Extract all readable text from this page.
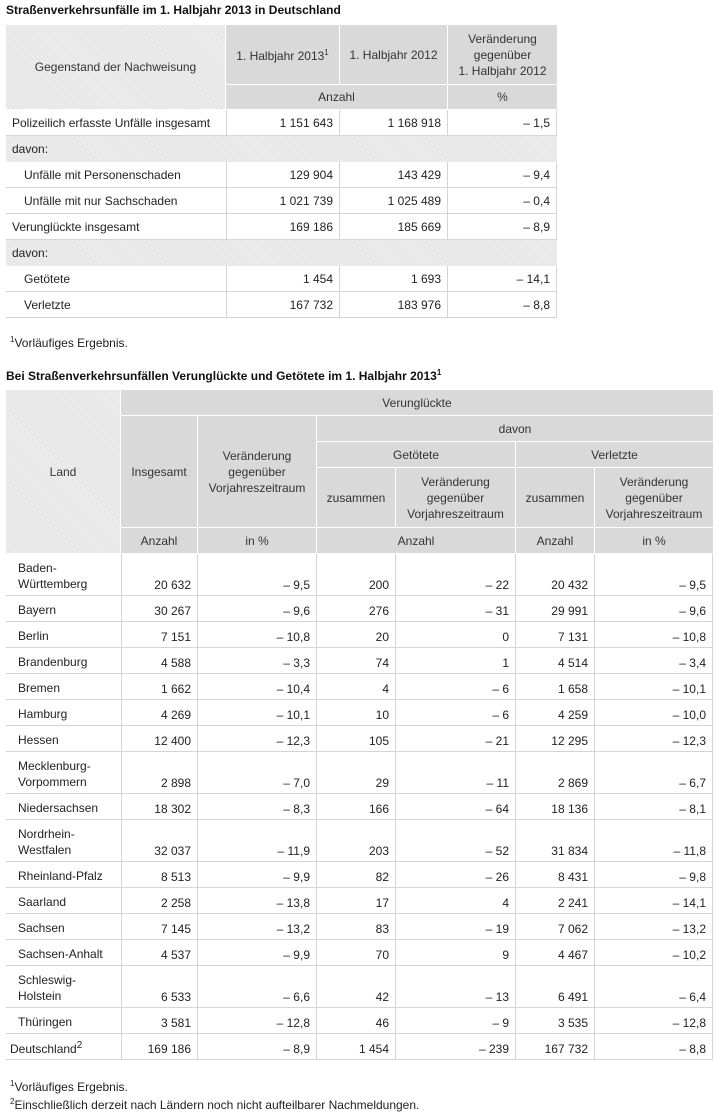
Straßenverkehrsunfälle im 1. Halbjahr 2013 in Deutschland
Gegenstand der Nachweisung	1. Halbjahr 2013$^1$	1. Halbjahr 2012	Veränderung
gegenüber
1. Halbjahr 2012
	Anzahl		%
Polizeilich erfasste Unfälle insgesamt	1 151 643	1 168 918	– 1,5
davon:			
Unfälle mit Personenschaden	129 904	143 429	– 9,4
Unfälle mit nur Sachschaden	1 021 739	1 025 489	– 0,4
Verunglückte insgesamt	169 186	185 669	– 8,9
davon:			
Getötete	1 454	1 693	– 14,1
Verletzte	167 732	183 976	– 8,8
$^1$Vorläufiges Ergebnis.
Bei Straßenverkehrsunfällen Verunglückte und Getötete im 1. Halbjahr 2013$^1$
Land	Verunglückte					
	Insgesamt	Veränderung
gegenüber
Vorjahreszeitraum	davon			
			Getötete		Verletzte	
			zusammen	Veränderung
gegenüber
Vorjahreszeitraum	zusammen	Veränderung
gegenüber
Vorjahreszeitraum
	Anzahl	in %	Anzahl		Anzahl	in %
Baden-
Württemberg	20 632	– 9,5	200	– 22	20 432	– 9,5
Bayern	30 267	– 9,6	276	– 31	29 991	– 9,6
Berlin	7 151	– 10,8	20	0	7 131	– 10,8
Brandenburg	4 588	– 3,3	74	1	4 514	– 3,4
Bremen	1 662	– 10,4	4	– 6	1 658	– 10,1
Hamburg	4 269	– 10,1	10	– 6	4 259	– 10,0
Hessen	12 400	– 12,3	105	– 21	12 295	– 12,3
Mecklenburg-
Vorpommern	2 898	– 7,0	29	– 11	2 869	– 6,7
Niedersachsen	18 302	– 8,3	166	– 64	18 136	– 8,1
Nordrhein-
Westfalen	32 037	– 11,9	203	– 52	31 834	– 11,8
Rheinland-Pfalz	8 513	– 9,9	82	– 26	8 431	– 9,8
Saarland	2 258	– 13,8	17	4	2 241	– 14,1
Sachsen	7 145	– 13,2	83	– 19	7 062	– 13,2
Sachsen-Anhalt	4 537	– 9,9	70	9	4 467	– 10,2
Schleswig-
Holstein	6 533	– 6,6	42	– 13	6 491	– 6,4
Thüringen	3 581	– 12,8	46	– 9	3 535	– 12,8
Deutschland$^2$	169 186	– 8,9	1 454	– 239	167 732	– 8,8
$^1$Vorläufiges Ergebnis.
$^2$Einschließlich derzeit nach Ländern noch nicht aufteilbarer Nachmeldungen.
